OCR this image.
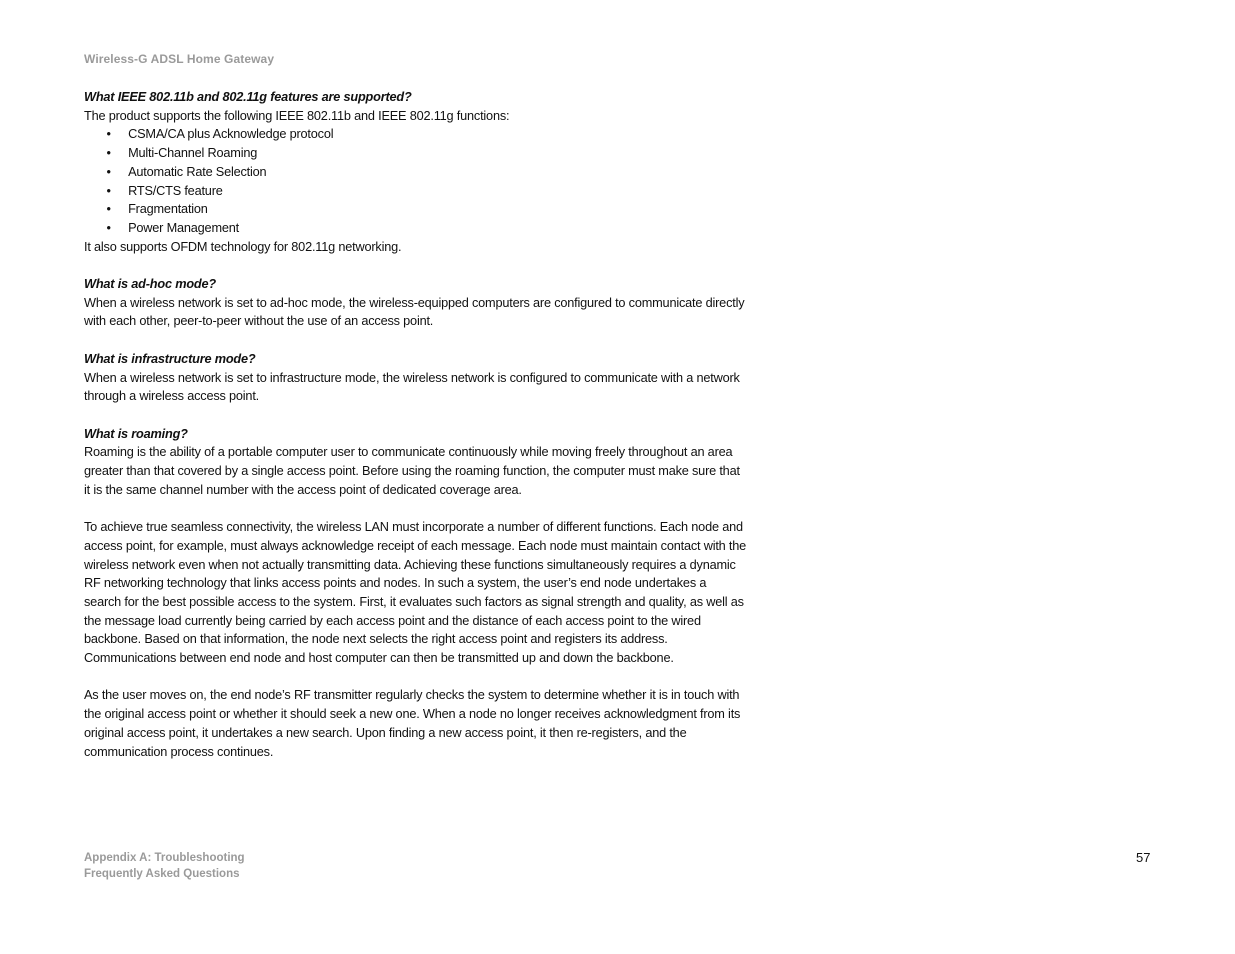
Wireless-G ADSL Home Gateway

What IEEE 802.11b and 802.11g features are supported?

The product supports the following IEEE 802.11b and IEEE 802.11g functions:

• CSMA/CA plus Acknowledge protocol
• Multi-Channel Roaming
• Automatic Rate Selection
• RTS/CTS feature
• Fragmentation
• Power Management

It also supports OFDM technology for 802.11g networking.

What is ad-hoc mode?

When a wireless network is set to ad-hoc mode, the wireless-equipped computers are configured to communicate directly with each other, peer-to-peer without the use of an access point.

What is infrastructure mode?

When a wireless network is set to infrastructure mode, the wireless network is configured to communicate with a network through a wireless access point.

What is roaming?

Roaming is the ability of a portable computer user to communicate continuously while moving freely throughout an area greater than that covered by a single access point. Before using the roaming function, the computer must make sure that it is the same channel number with the access point of dedicated coverage area.

To achieve true seamless connectivity, the wireless LAN must incorporate a number of different functions. Each node and access point, for example, must always acknowledge receipt of each message. Each node must maintain contact with the wireless network even when not actually transmitting data. Achieving these functions simultaneously requires a dynamic RF networking technology that links access points and nodes. In such a system, the user’s end node undertakes a search for the best possible access to the system. First, it evaluates such factors as signal strength and quality, as well as the message load currently being carried by each access point and the distance of each access point to the wired backbone. Based on that information, the node next selects the right access point and registers its address. Communications between end node and host computer can then be transmitted up and down the backbone.

As the user moves on, the end node’s RF transmitter regularly checks the system to determine whether it is in touch with the original access point or whether it should seek a new one. When a node no longer receives acknowledgment from its original access point, it undertakes a new search. Upon finding a new access point, it then re-registers, and the communication process continues.

Appendix A: Troubleshooting
Frequently Asked Questions
57
